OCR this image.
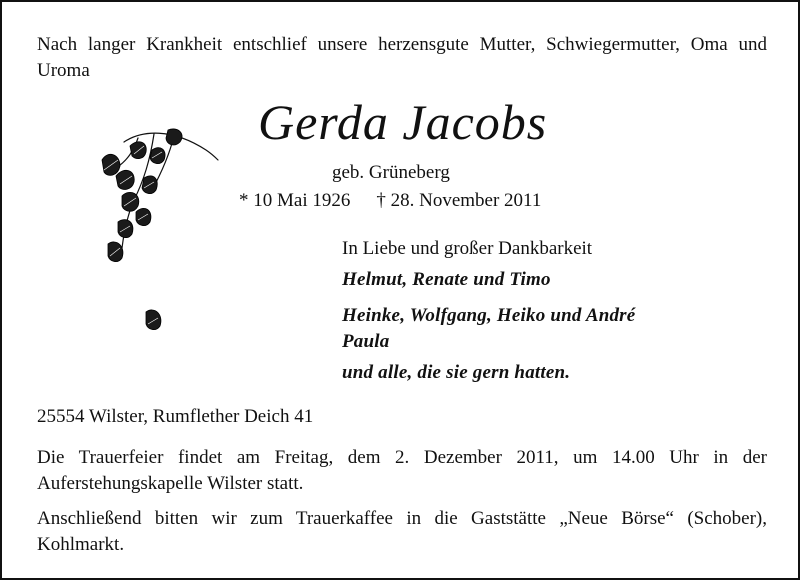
Nach langer Krankheit entschlief unsere herzensgute Mutter, Schwiegermutter, Oma und Uroma
Gerda Jacobs
geb. Grüneberg
* 10 Mai 1926 † 28. November 2011
In Liebe und großer Dankbarkeit
Helmut, Renate und Timo
Heinke, Wolfgang, Heiko und André
Paula
und alle, die sie gern hatten.
25554 Wilster, Rumflether Deich 41
Die Trauerfeier findet am Freitag, dem 2. Dezember 2011, um 14.00 Uhr in der Auferstehungskapelle Wilster statt.
Anschließend bitten wir zum Trauerkaffee in die Gaststätte „Neue Börse“ (Schober), Kohlmarkt.
